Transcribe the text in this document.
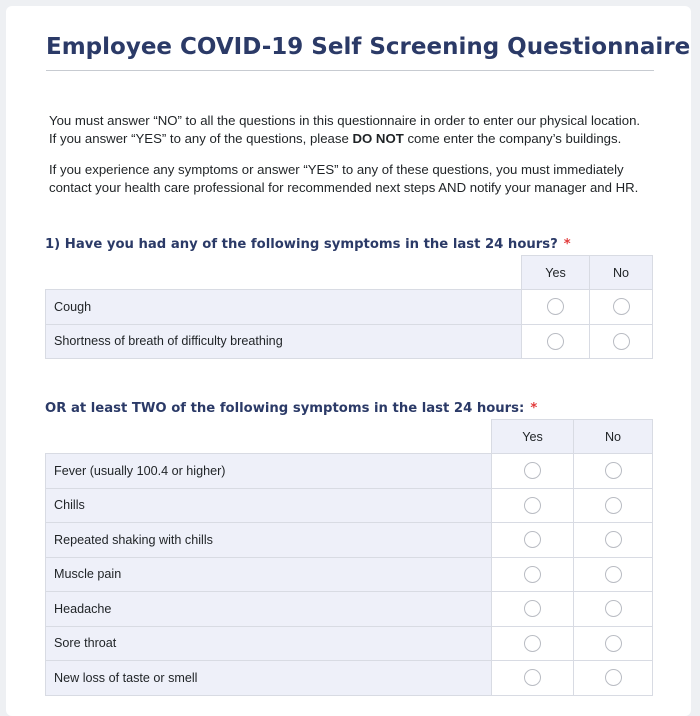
Employee COVID-19 Self Screening Questionnaire

You must answer “NO” to all the questions in this questionnaire in order to enter our physical location. If you answer “YES” to any of the questions, please DO NOT come enter the company’s buildings.

If you experience any symptoms or answer “YES” to any of these questions, you must immediately contact your health care professional for recommended next steps AND notify your manager and HR.

1) Have you had any of the following symptoms in the last 24 hours? *
	Yes	No
Cough		
Shortness of breath of difficulty breathing		
OR at least TWO of the following symptoms in the last 24 hours: *
	Yes	No
Fever (usually 100.4 or higher)		
Chills		
Repeated shaking with chills		
Muscle pain		
Headache		
Sore throat		
New loss of taste or smell		
